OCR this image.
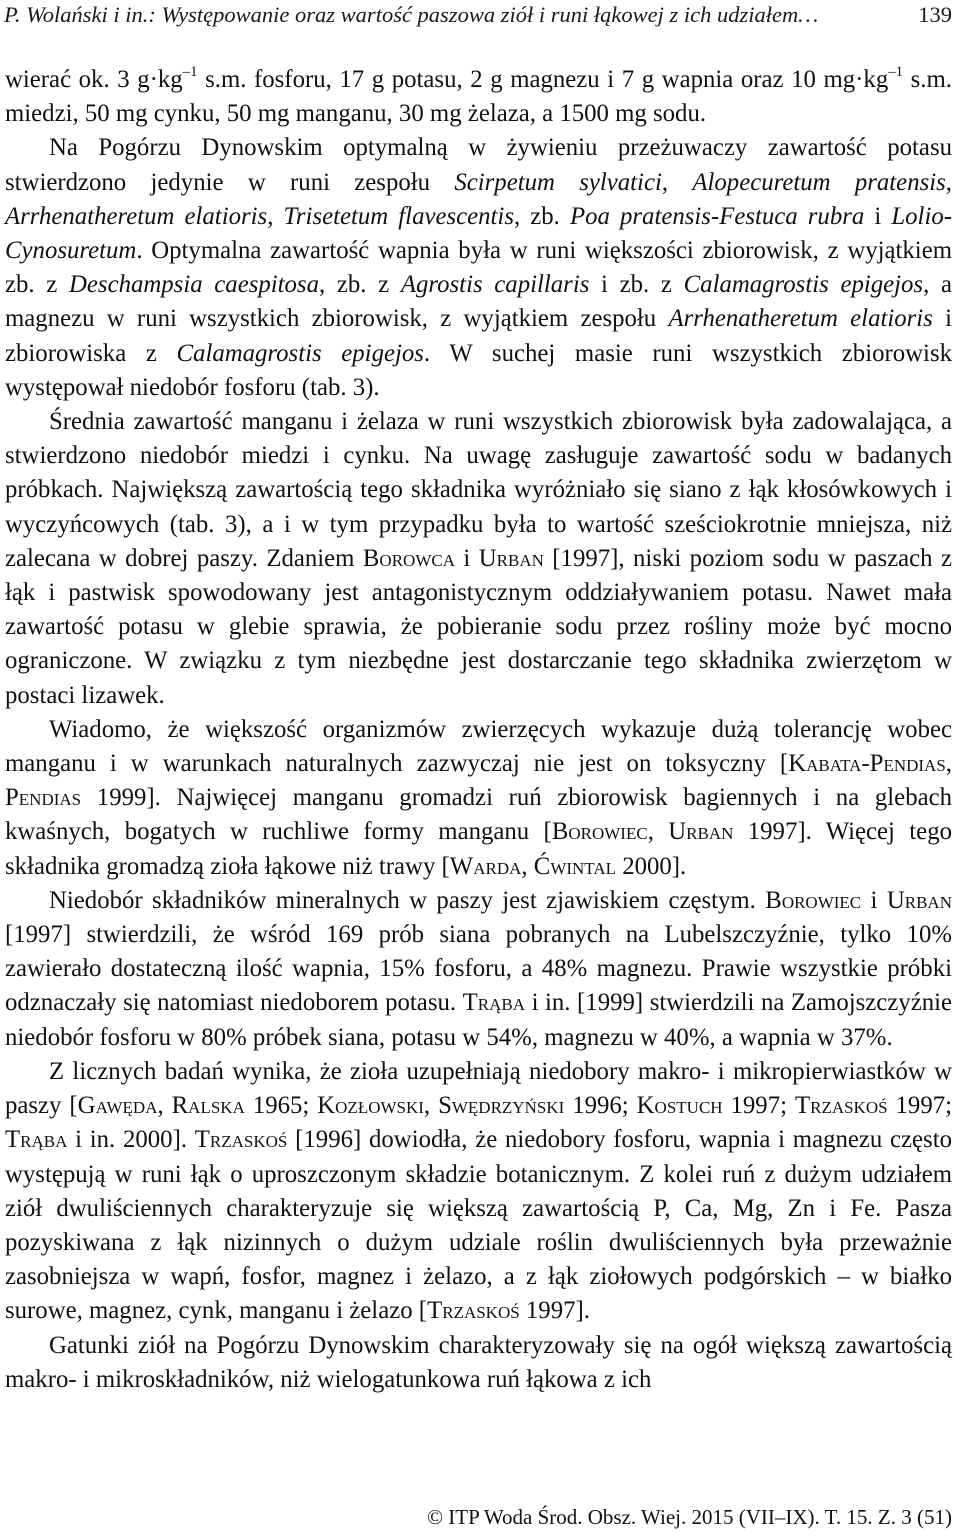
P. Wolański i in.: Występowanie oraz wartość paszowa ziół i runi łąkowej z ich udziałem…	139

wierać ok. 3 $g\cdot kg^{-1}$ s.m. fosforu, 17 g potasu, 2 g magnezu i 7 g wapnia oraz 10 $mg\cdot kg^{-1}$ s.m. miedzi, 50 mg cynku, 50 mg manganu, 30 mg żelaza, a 1500 mg sodu.

Na Pogórzu Dynowskim optymalną w żywieniu przeżuwaczy zawartość potasu stwierdzono jedynie w runi zespołu Scirpetum sylvatici, Alopecuretum pratensis, Arrhenatheretum elatioris, Trisetetum flavescentis, zb. Poa pratensis-Festuca rubra i Lolio-Cynosuretum. Optymalna zawartość wapnia była w runi większości zbiorowisk, z wyjątkiem zb. z Deschampsia caespitosa, zb. z Agrostis capillaris i zb. z Calamagrostis epigejos, a magnezu w runi wszystkich zbiorowisk, z wyjątkiem zespołu Arrhenatheretum elatioris i zbiorowiska z Calamagrostis epigejos. W suchej masie runi wszystkich zbiorowisk występował niedobór fosforu (tab. 3).

Średnia zawartość manganu i żelaza w runi wszystkich zbiorowisk była zadowalająca, a stwierdzono niedobór miedzi i cynku. Na uwagę zasługuje zawartość sodu w badanych próbkach. Największą zawartością tego składnika wyróżniało się siano z łąk kłosówkowych i wyczyńcowych (tab. 3), a i w tym przypadku była to wartość sześciokrotnie mniejsza, niż zalecana w dobrej paszy. Zdaniem Borowca i Urban [1997], niski poziom sodu w paszach z łąk i pastwisk spowodowany jest antagonistycznym oddziaływaniem potasu. Nawet mała zawartość potasu w glebie sprawia, że pobieranie sodu przez rośliny może być mocno ograniczone. W związku z tym niezbędne jest dostarczanie tego składnika zwierzętom w postaci lizawek.

Wiadomo, że większość organizmów zwierzęcych wykazuje dużą tolerancję wobec manganu i w warunkach naturalnych zazwyczaj nie jest on toksyczny [Kabata-Pendias, Pendias 1999]. Najwięcej manganu gromadzi ruń zbiorowisk bagiennych i na glebach kwaśnych, bogatych w ruchliwe formy manganu [Borowiec, Urban 1997]. Więcej tego składnika gromadzą zioła łąkowe niż trawy [Warda, Ćwintal 2000].

Niedobór składników mineralnych w paszy jest zjawiskiem częstym. Borowiec i Urban [1997] stwierdzili, że wśród 169 prób siana pobranych na Lubelszczyźnie, tylko 10% zawierało dostateczną ilość wapnia, 15% fosforu, a 48% magnezu. Prawie wszystkie próbki odznaczały się natomiast niedoborem potasu. Trąba i in. [1999] stwierdzili na Zamojszczyźnie niedobór fosforu w 80% próbek siana, potasu w 54%, magnezu w 40%, a wapnia w 37%.

Z licznych badań wynika, że zioła uzupełniają niedobory makro- i mikropierwiastków w paszy [Gawęda, Ralska 1965; Kozłowski, Swędrzyński 1996; Kostuch 1997; Trzaskoś 1997; Trąba i in. 2000]. Trzaskoś [1996] dowiodła, że niedobory fosforu, wapnia i magnezu często występują w runi łąk o uproszczonym składzie botanicznym. Z kolei ruń z dużym udziałem ziół dwuliściennych charakteryzuje się większą zawartością P, Ca, Mg, Zn i Fe. Pasza pozyskiwana z łąk nizinnych o dużym udziale roślin dwuliściennych była przeważnie zasobniejsza w wapń, fosfor, magnez i żelazo, a z łąk ziołowych podgórskich – w białko surowe, magnez, cynk, manganu i żelazo [Trzaskoś 1997].

Gatunki ziół na Pogórzu Dynowskim charakteryzowały się na ogół większą zawartością makro- i mikroskładników, niż wielogatunkowa ruń łąkowa z ich

© ITP Woda Środ. Obsz. Wiej. 2015 (VII–IX). T. 15. Z. 3 (51)
